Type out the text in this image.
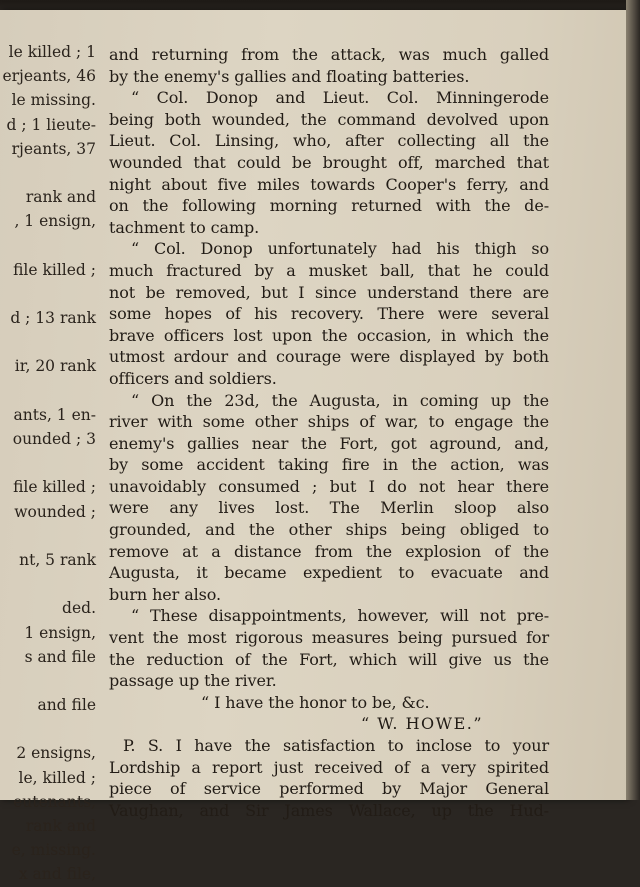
le killed ; 1
erjeants, 46
le missing.
d ; 1 lieute-
rjeants, 37

rank and
, 1 ensign,

file killed ;

d ; 13 rank

ir, 20 rank

ants, 1 en-
ounded ; 3

file killed ;
wounded ;

nt, 5 rank

ded.
1 ensign,
s and file

and file

2 ensigns,
le, killed ;
eutenants,
rank and
e, missing.
x and file,
and returning from the attack, was much galled
by the enemy's gallies and floating batteries.
“ Col. Donop and Lieut. Col. Minningerode
being both wounded, the command devolved upon
Lieut. Col. Linsing, who, after collecting all the
wounded that could be brought off, marched that
night about five miles towards Cooper's ferry, and
on the following morning returned with the de-
tachment to camp.
“ Col. Donop unfortunately had his thigh so
much fractured by a musket ball, that he could
not be removed, but I since understand there are
some hopes of his recovery. There were several
brave officers lost upon the occasion, in which the
utmost ardour and courage were displayed by both
officers and soldiers.
“ On the 23d, the Augusta, in coming up the
river with some other ships of war, to engage the
enemy's gallies near the Fort, got aground, and,
by some accident taking fire in the action, was
unavoidably consumed ; but I do not hear there
were any lives lost. The Merlin sloop also
grounded, and the other ships being obliged to
remove at a distance from the explosion of the
Augusta, it became expedient to evacuate and
burn her also.
“ These disappointments, however, will not pre-
vent the most rigorous measures being pursued for
the reduction of the Fort, which will give us the
passage up the river.
“ I have the honor to be, &c.
“ W. HOWE.”
P. S. I have the satisfaction to inclose to your
Lordship a report just received of a very spirited
piece of service performed by Major General
Vaughan, and Sir James Wallace, up the Hud-
